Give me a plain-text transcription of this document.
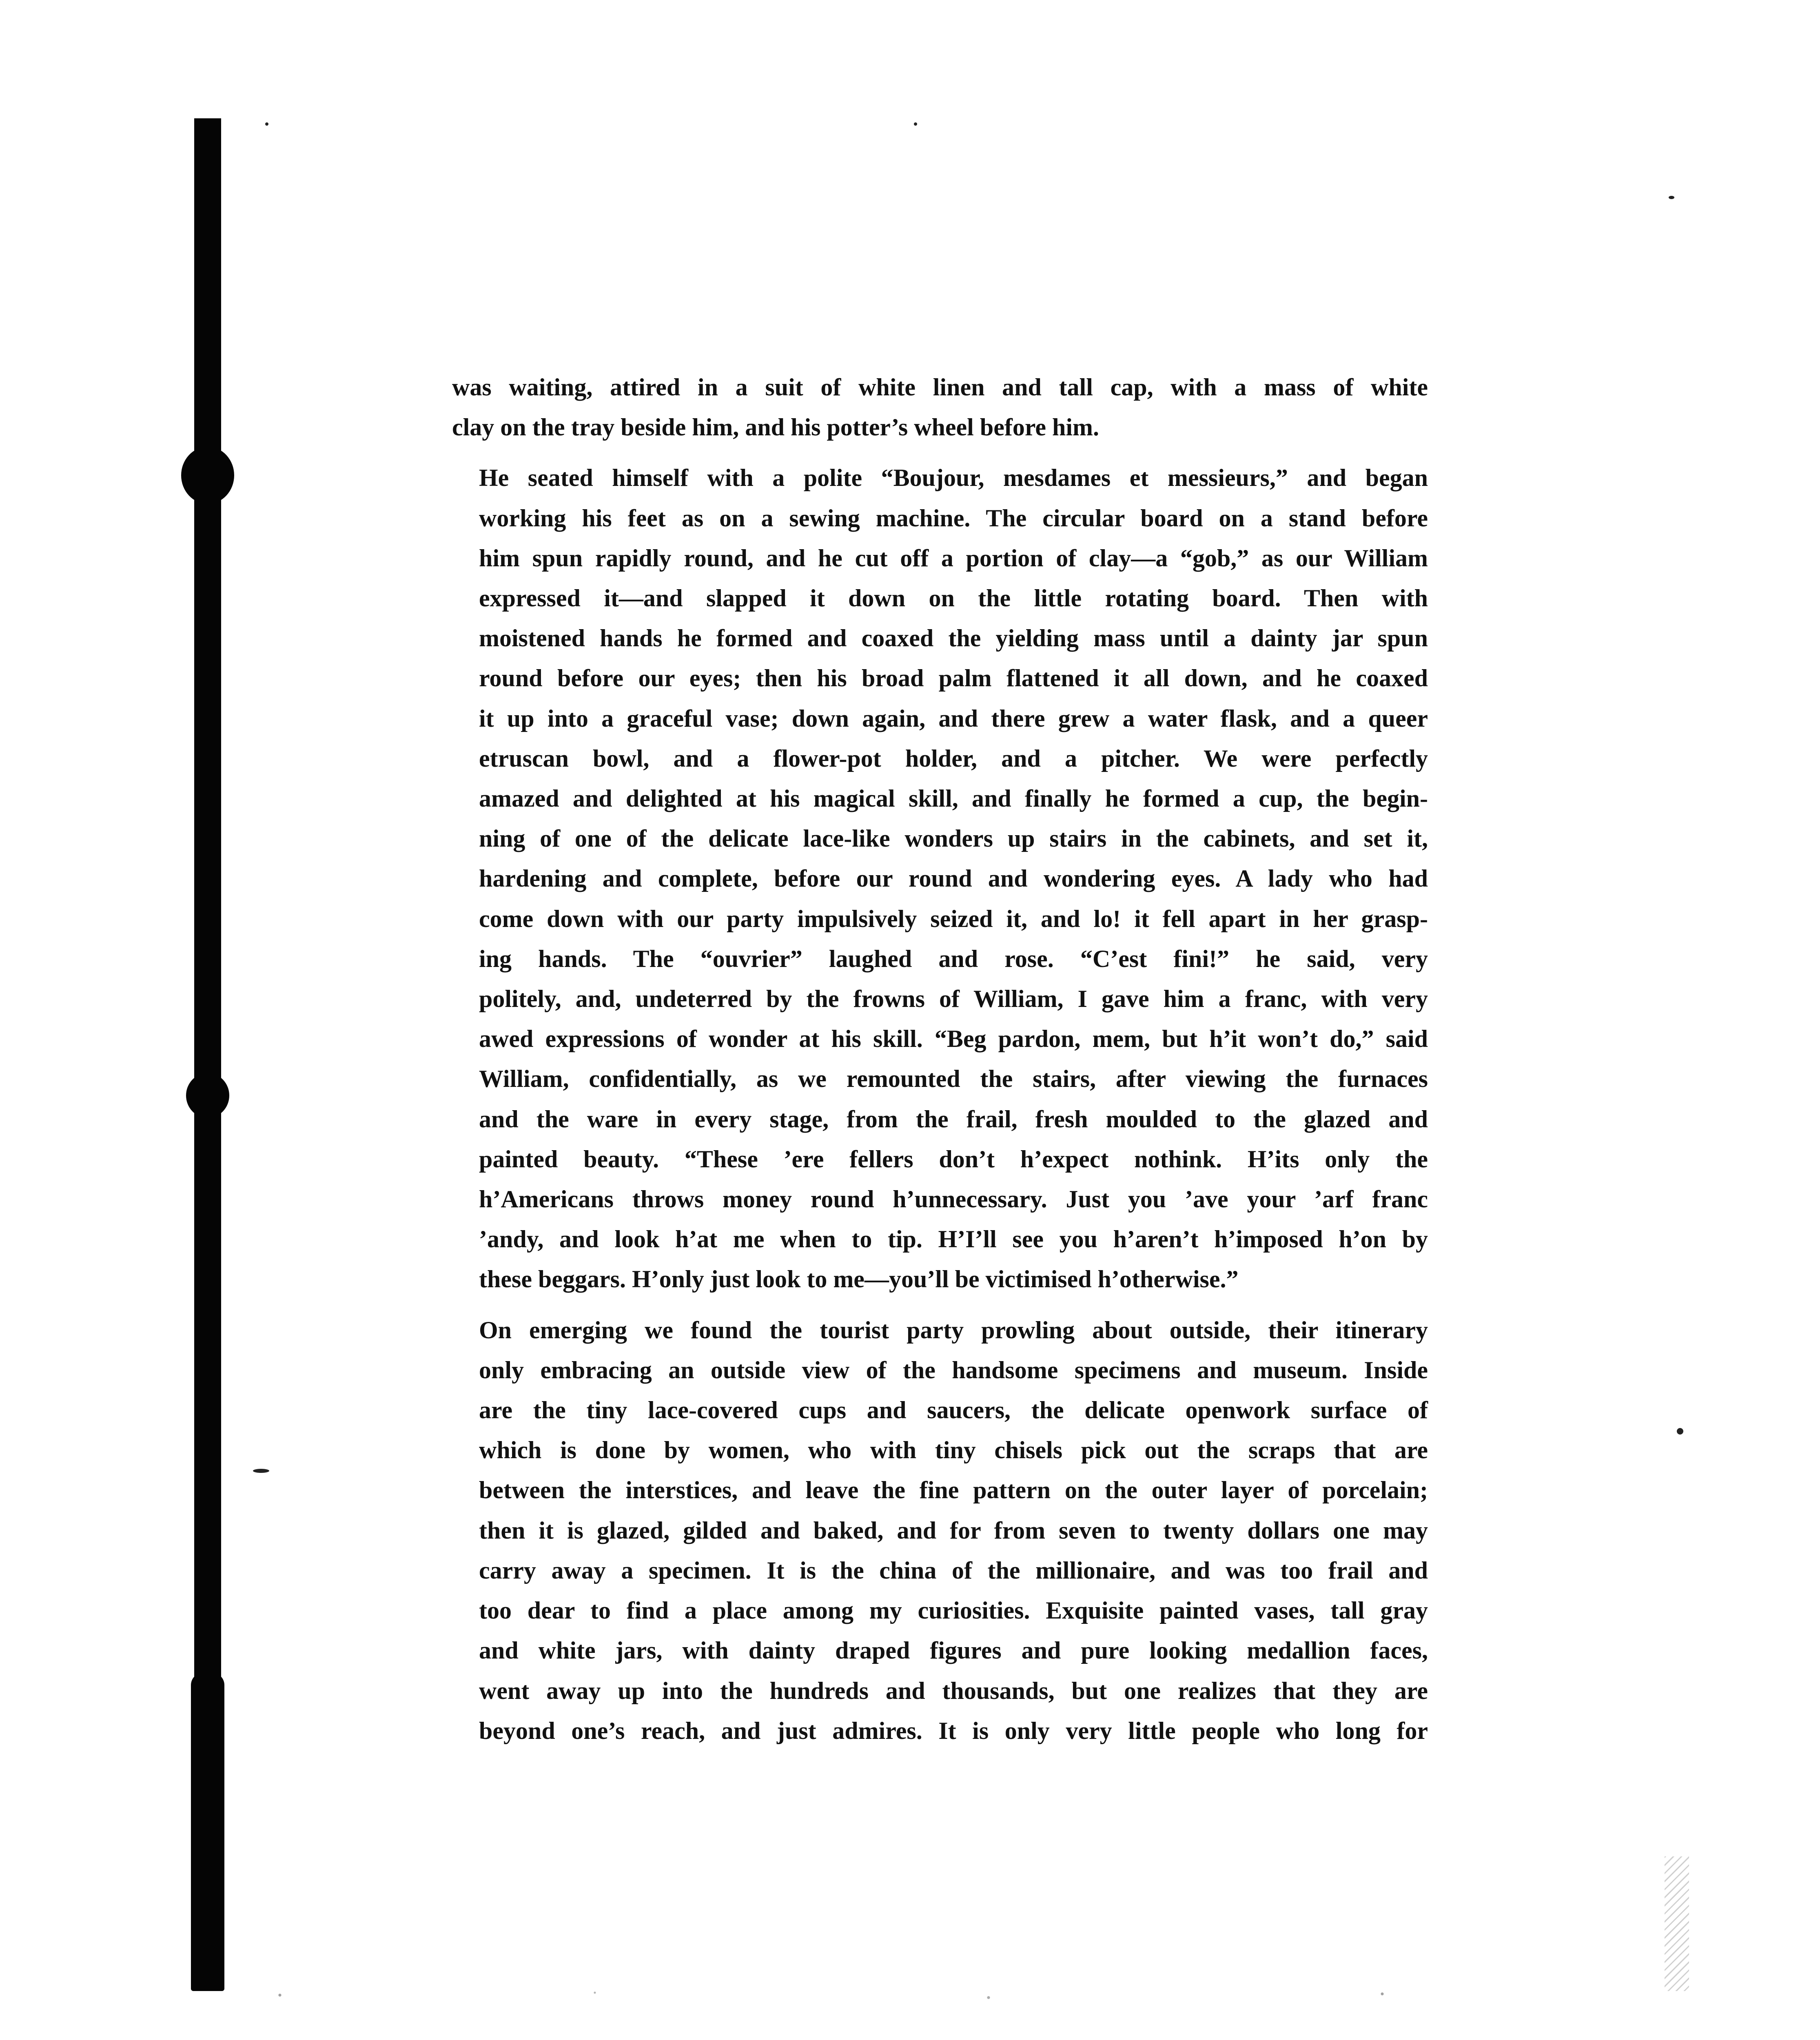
was waiting, attired in a suit of white linen and tall cap, with a mass of white
clay on the tray beside him, and his potter’s wheel before him.

He seated himself with a polite “Boujour, mesdames et messieurs,” and began
working his feet as on a sewing machine. The circular board on a stand before
him spun rapidly round, and he cut off a portion of clay—a “gob,” as our William
expressed it—and slapped it down on the little rotating board. Then with
moistened hands he formed and coaxed the yielding mass until a dainty jar spun
round before our eyes; then his broad palm flattened it all down, and he coaxed
it up into a graceful vase; down again, and there grew a water flask, and a queer
etruscan bowl, and a flower-pot holder, and a pitcher. We were perfectly
amazed and delighted at his magical skill, and finally he formed a cup, the begin-
ning of one of the delicate lace-like wonders up stairs in the cabinets, and set it,
hardening and complete, before our round and wondering eyes. A lady who had
come down with our party impulsively seized it, and lo! it fell apart in her grasp-
ing hands. The “ouvrier” laughed and rose. “C’est fini!” he said, very
politely, and, undeterred by the frowns of William, I gave him a franc, with very
awed expressions of wonder at his skill. “Beg pardon, mem, but h’it won’t do,” said
William, confidentially, as we remounted the stairs, after viewing the furnaces
and the ware in every stage, from the frail, fresh moulded to the glazed and
painted beauty. “These ’ere fellers don’t h’expect nothink. H’its only the
h’Americans throws money round h’unnecessary. Just you ’ave your ’arf franc
’andy, and look h’at me when to tip. H’I’ll see you h’aren’t h’imposed h’on by
these beggars. H’only just look to me—you’ll be victimised h’otherwise.”

On emerging we found the tourist party prowling about outside, their itinerary
only embracing an outside view of the handsome specimens and museum. Inside
are the tiny lace-covered cups and saucers, the delicate openwork surface of
which is done by women, who with tiny chisels pick out the scraps that are
between the interstices, and leave the fine pattern on the outer layer of porcelain;
then it is glazed, gilded and baked, and for from seven to twenty dollars one may
carry away a specimen. It is the china of the millionaire, and was too frail and
too dear to find a place among my curiosities. Exquisite painted vases, tall gray
and white jars, with dainty draped figures and pure looking medallion faces,
went away up into the hundreds and thousands, but one realizes that they are
beyond one’s reach, and just admires. It is only very little people who long for
